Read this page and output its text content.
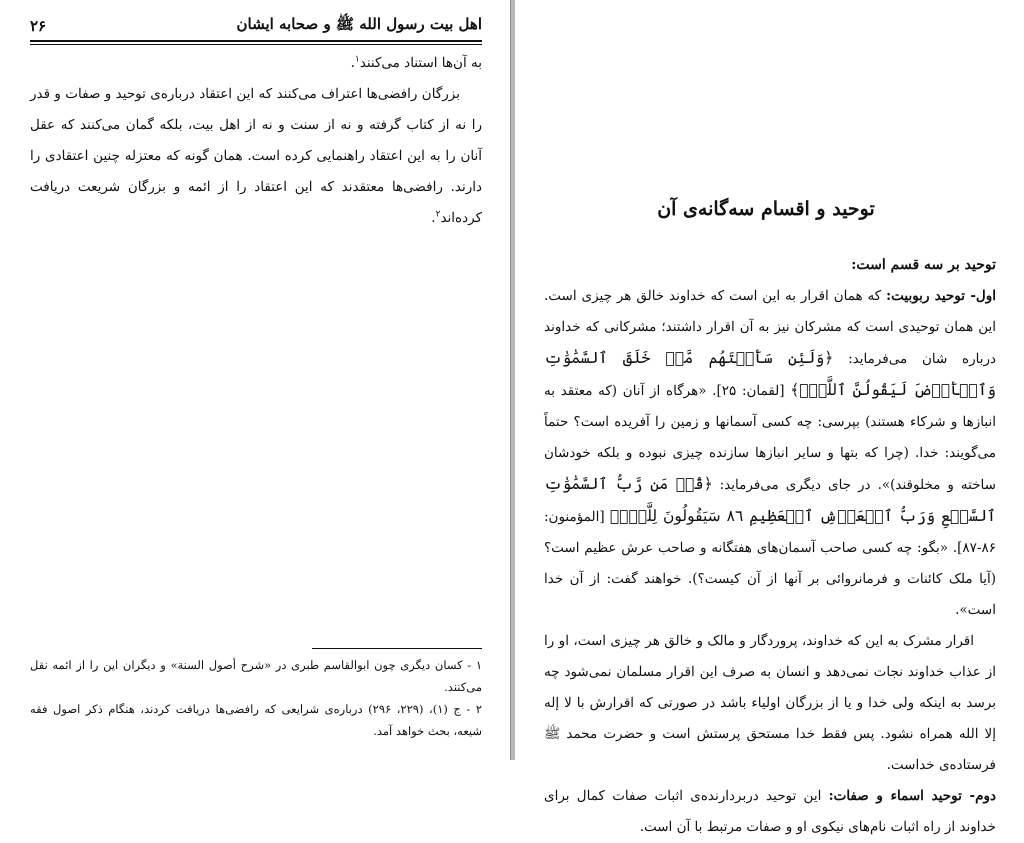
اهل بیت رسول الله ﷺ و صحابه ایشان
۲۶

به آن‌ها استناد می‌کنند$^۱$.

بزرگان رافضی‌ها اعتراف می‌کنند که این اعتقاد درباره‌ی توحید و صفات و قدر را نه از کتاب گرفته و نه از سنت و نه از اهل بیت، بلکه گمان می‌کنند که عقل آنان را به این اعتقاد راهنمایی کرده است. همان گونه که معتزله چنین اعتقادی را دارند. رافضی‌ها معتقدند که این اعتقاد را از ائمه و بزرگان شریعت دریافت کرده‌اند$^۲$.

۱ - کسان دیگری چون ابوالقاسم طبری در «شرح أصول السنة» و دیگران این را از ائمه نقل می‌کنند.

۲ - ج (۱)، (۲۲۹، ۲۹۶) درباره‌ی شرایعی که رافضی‌ها دریافت کردند، هنگام ذکر اصول فقه شیعه، بحث خواهد آمد.

توحید و اقسام سه‌گانه‌ی آن

توحید بر سه قسم است:

اول- توحید ربوبیت: که همان اقرار به این است که خداوند خالق هر چیزی است. این همان توحیدی است که مشرکان نیز به آن اقرار داشتند؛ مشرکانی که خداوند درباره شان می‌فرماید: ﴿وَلَئِن سَأَلۡتَهُم مَّنۡ خَلَقَ ٱلسَّمَٰوَٰتِ وَٱلۡأَرۡضَ لَيَقُولُنَّ ٱللَّهُۚ﴾ [لقمان: ۲۵]. «هرگاه از آنان (که معتقد به انبازها و شرکاء هستند) بپرسی: چه کسی آسمانها و زمین را آفریده است؟ حتماً می‌گویند: خدا. (چرا که بتها و سایر انبازها سازنده چیزی نبوده و بلکه خودشان ساخته و مخلوقند)». در جای دیگری می‌فرماید: ﴿قُلۡ مَن رَّبُّ ٱلسَّمَٰوَٰتِ ٱلسَّبۡعِ وَرَبُّ ٱلۡعَرۡشِ ٱلۡعَظِيمِ ٨٦ سَيَقُولُونَ لِلَّهِۚ﴾ [المؤمنون: ۸۶-۸۷]. «بگو: چه کسی صاحب آسمان‌های هفتگانه و صاحب عرش عظیم است؟ (آیا ملک کائنات و فرمانروائی بر آنها از آن کیست؟). خواهند گفت: از آن خدا است».

اقرار مشرک به این که خداوند، پروردگار و مالک و خالق هر چیزی است، او را از عذاب خداوند نجات نمی‌دهد و انسان به صرف این اقرار مسلمان نمی‌شود چه برسد به اینکه ولی خدا و یا از بزرگان اولیاء باشد در صورتی که اقرارش با لا إله إلا الله همراه نشود. پس فقط خدا مستحق پرستش است و حضرت محمد ﷺ فرستاده‌ی خداست.

دوم- توحید اسماء و صفات: این توحید دربردارنده‌ی اثبات صفات کمال برای خداوند از راه اثبات نام‌های نیکوی او و صفات مرتبط با آن است.
